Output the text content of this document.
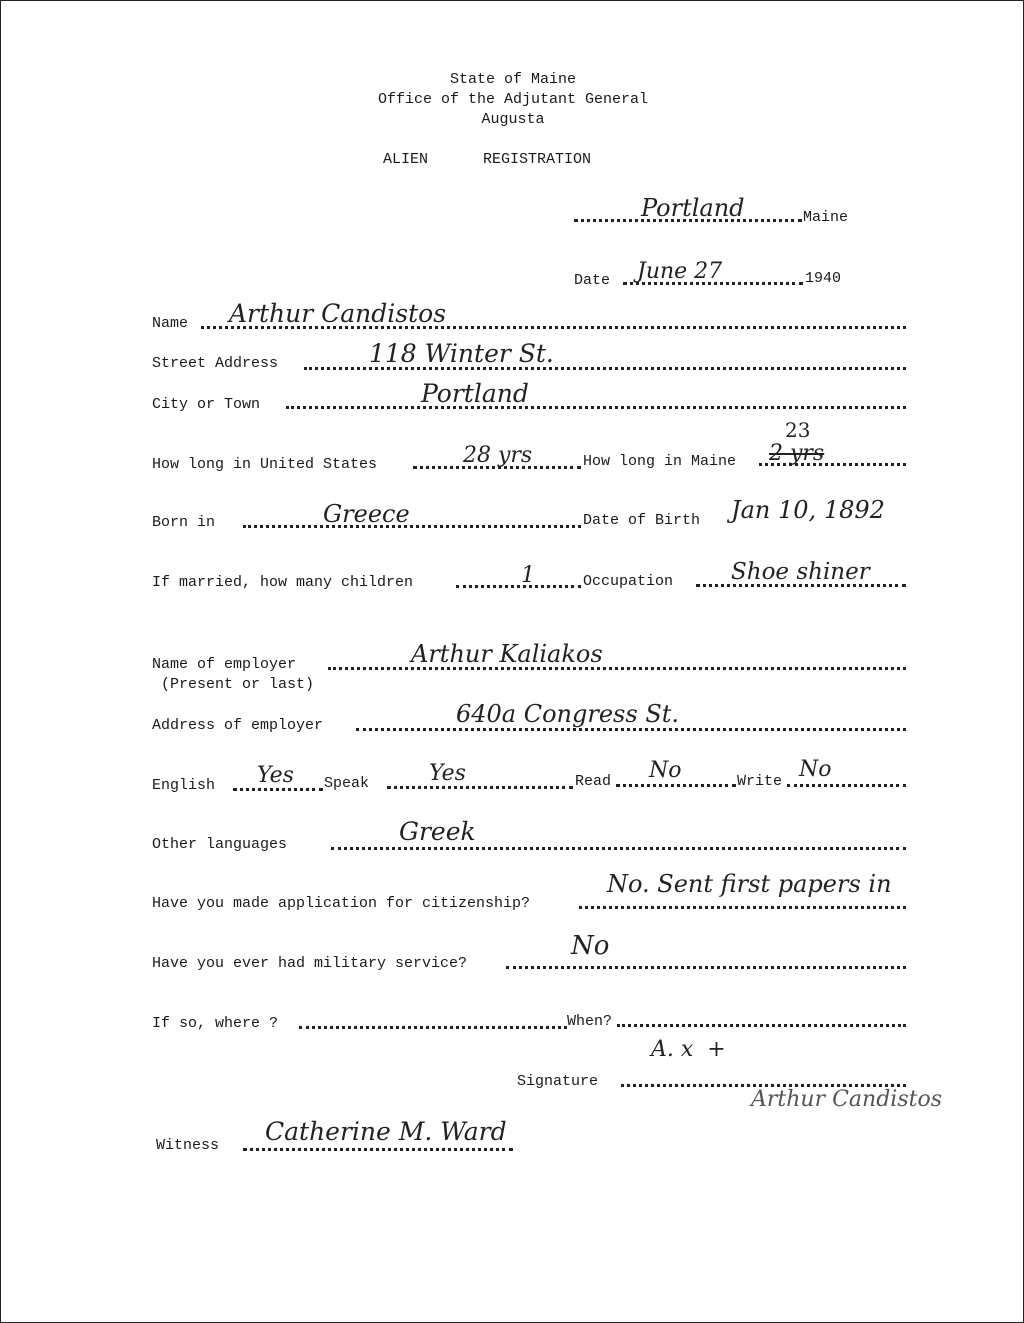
State of Maine
Office of the Adjutant General
Augusta
ALIEN	REGISTRATION
Portland	Maine
Date June 27	1940
Name Arthur Candistos
Street Address	118 Winter St.
City or Town	Portland
How long in United States	28 yrs	How long in Maine 2 yrs
23
Born in	Greece	Date of Birth Jan 10, 1892
If married, how many children	1	Occupation	Shoe shiner
Name of employer
(Present or last)
Arthur Kaliakos
Address of employer	640a Congress St.
English Yes Speak	Yes	Read No	Write No
Other languages	Greek
Have you made application for citizenship?
No. Sent first papers in
Have you ever had military service?
No
If so, where ?	When?
A. x  +
Signature
Arthur Candistos
Witness Catherine M. Ward
